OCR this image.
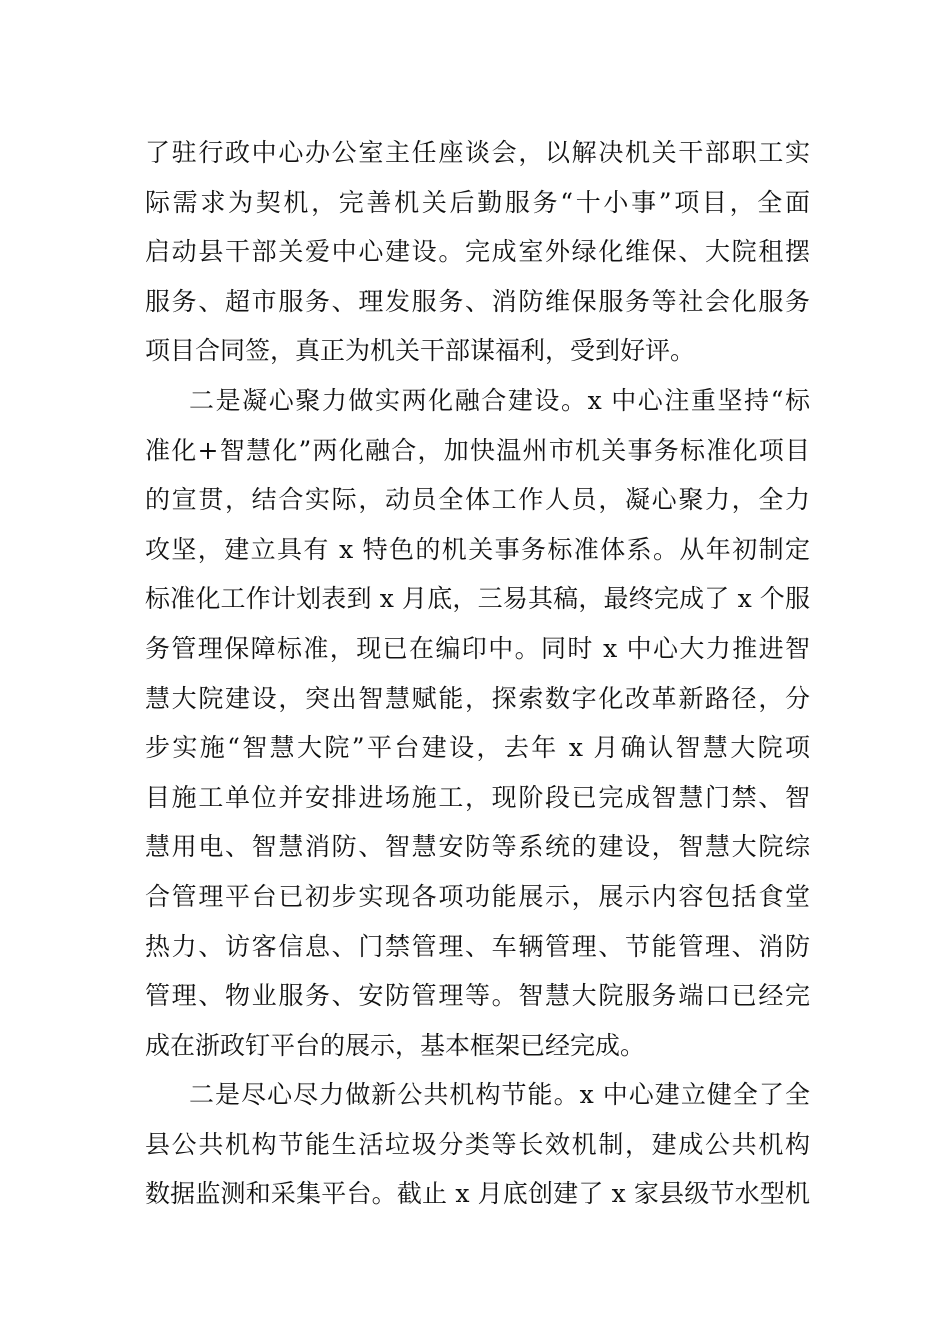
了驻行政中心办公室主任座谈会，以解决机关干部职工实
际需求为契机，完善机关后勤服务“十小事”项目，全面
启动县干部关爱中心建设。完成室外绿化维保、大院租摆
服务、超市服务、理发服务、消防维保服务等社会化服务
项目合同签，真正为机关干部谋福利，受到好评。
二是凝心聚力做实两化融合建设。x 中心注重坚持“标
准化+智慧化”两化融合，加快温州市机关事务标准化项目
的宣贯，结合实际，动员全体工作人员，凝心聚力，全力
攻坚，建立具有 x 特色的机关事务标准体系。从年初制定
标准化工作计划表到 x 月底，三易其稿，最终完成了 x 个服
务管理保障标准，现已在编印中。同时 x 中心大力推进智
慧大院建设，突出智慧赋能，探索数字化改革新路径，分
步实施“智慧大院”平台建设，去年 x 月确认智慧大院项
目施工单位并安排进场施工，现阶段已完成智慧门禁、智
慧用电、智慧消防、智慧安防等系统的建设，智慧大院综
合管理平台已初步实现各项功能展示，展示内容包括食堂
热力、访客信息、门禁管理、车辆管理、节能管理、消防
管理、物业服务、安防管理等。智慧大院服务端口已经完
成在浙政钉平台的展示，基本框架已经完成。
二是尽心尽力做新公共机构节能。x 中心建立健全了全
县公共机构节能生活垃圾分类等长效机制，建成公共机构
数据监测和采集平台。截止 x 月底创建了 x 家县级节水型机
